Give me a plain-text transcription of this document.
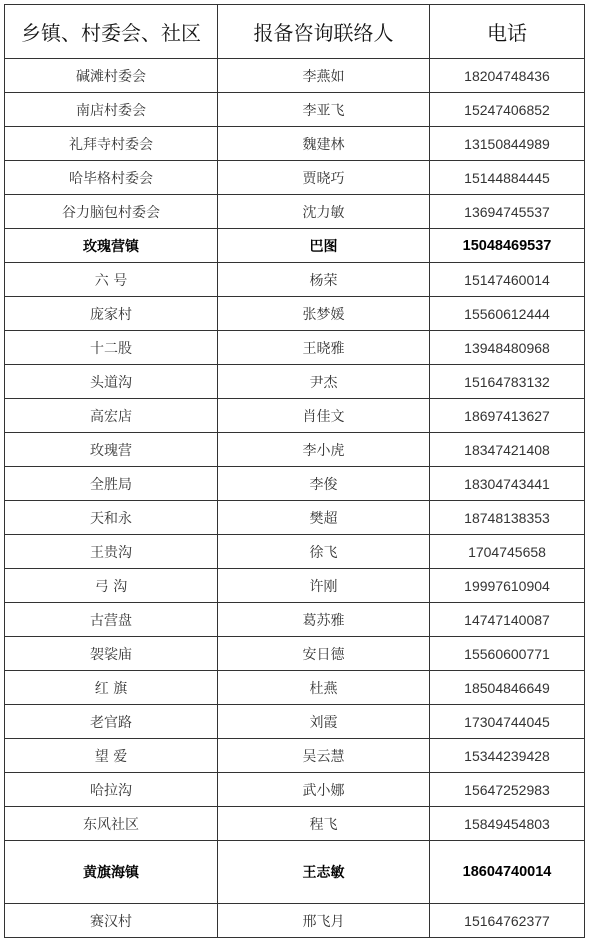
乡镇、村委会、社区	报备咨询联络人	电话
碱滩村委会	李燕如	18204748436
南店村委会	李亚飞	15247406852
礼拜寺村委会	魏建林	13150844989
哈毕格村委会	贾晓巧	15144884445
谷力脑包村委会	沈力敏	13694745537
玫瑰营镇	巴图	15048469537
六 号	杨荣	15147460014
庞家村	张梦媛	15560612444
十二股	王晓雅	13948480968
头道沟	尹杰	15164783132
高宏店	肖佳文	18697413627
玫瑰营	李小虎	18347421408
全胜局	李俊	18304743441
天和永	樊超	18748138353
王贵沟	徐飞	1704745658
弓 沟	许刚	19997610904
古营盘	葛苏雅	14747140087
袈裟庙	安日德	15560600771
红 旗	杜燕	18504846649
老官路	刘霞	17304744045
望 爱	吴云慧	15344239428
哈拉沟	武小娜	15647252983
东风社区	程飞	15849454803
黄旗海镇	王志敏	18604740014
赛汉村	邢飞月	15164762377
